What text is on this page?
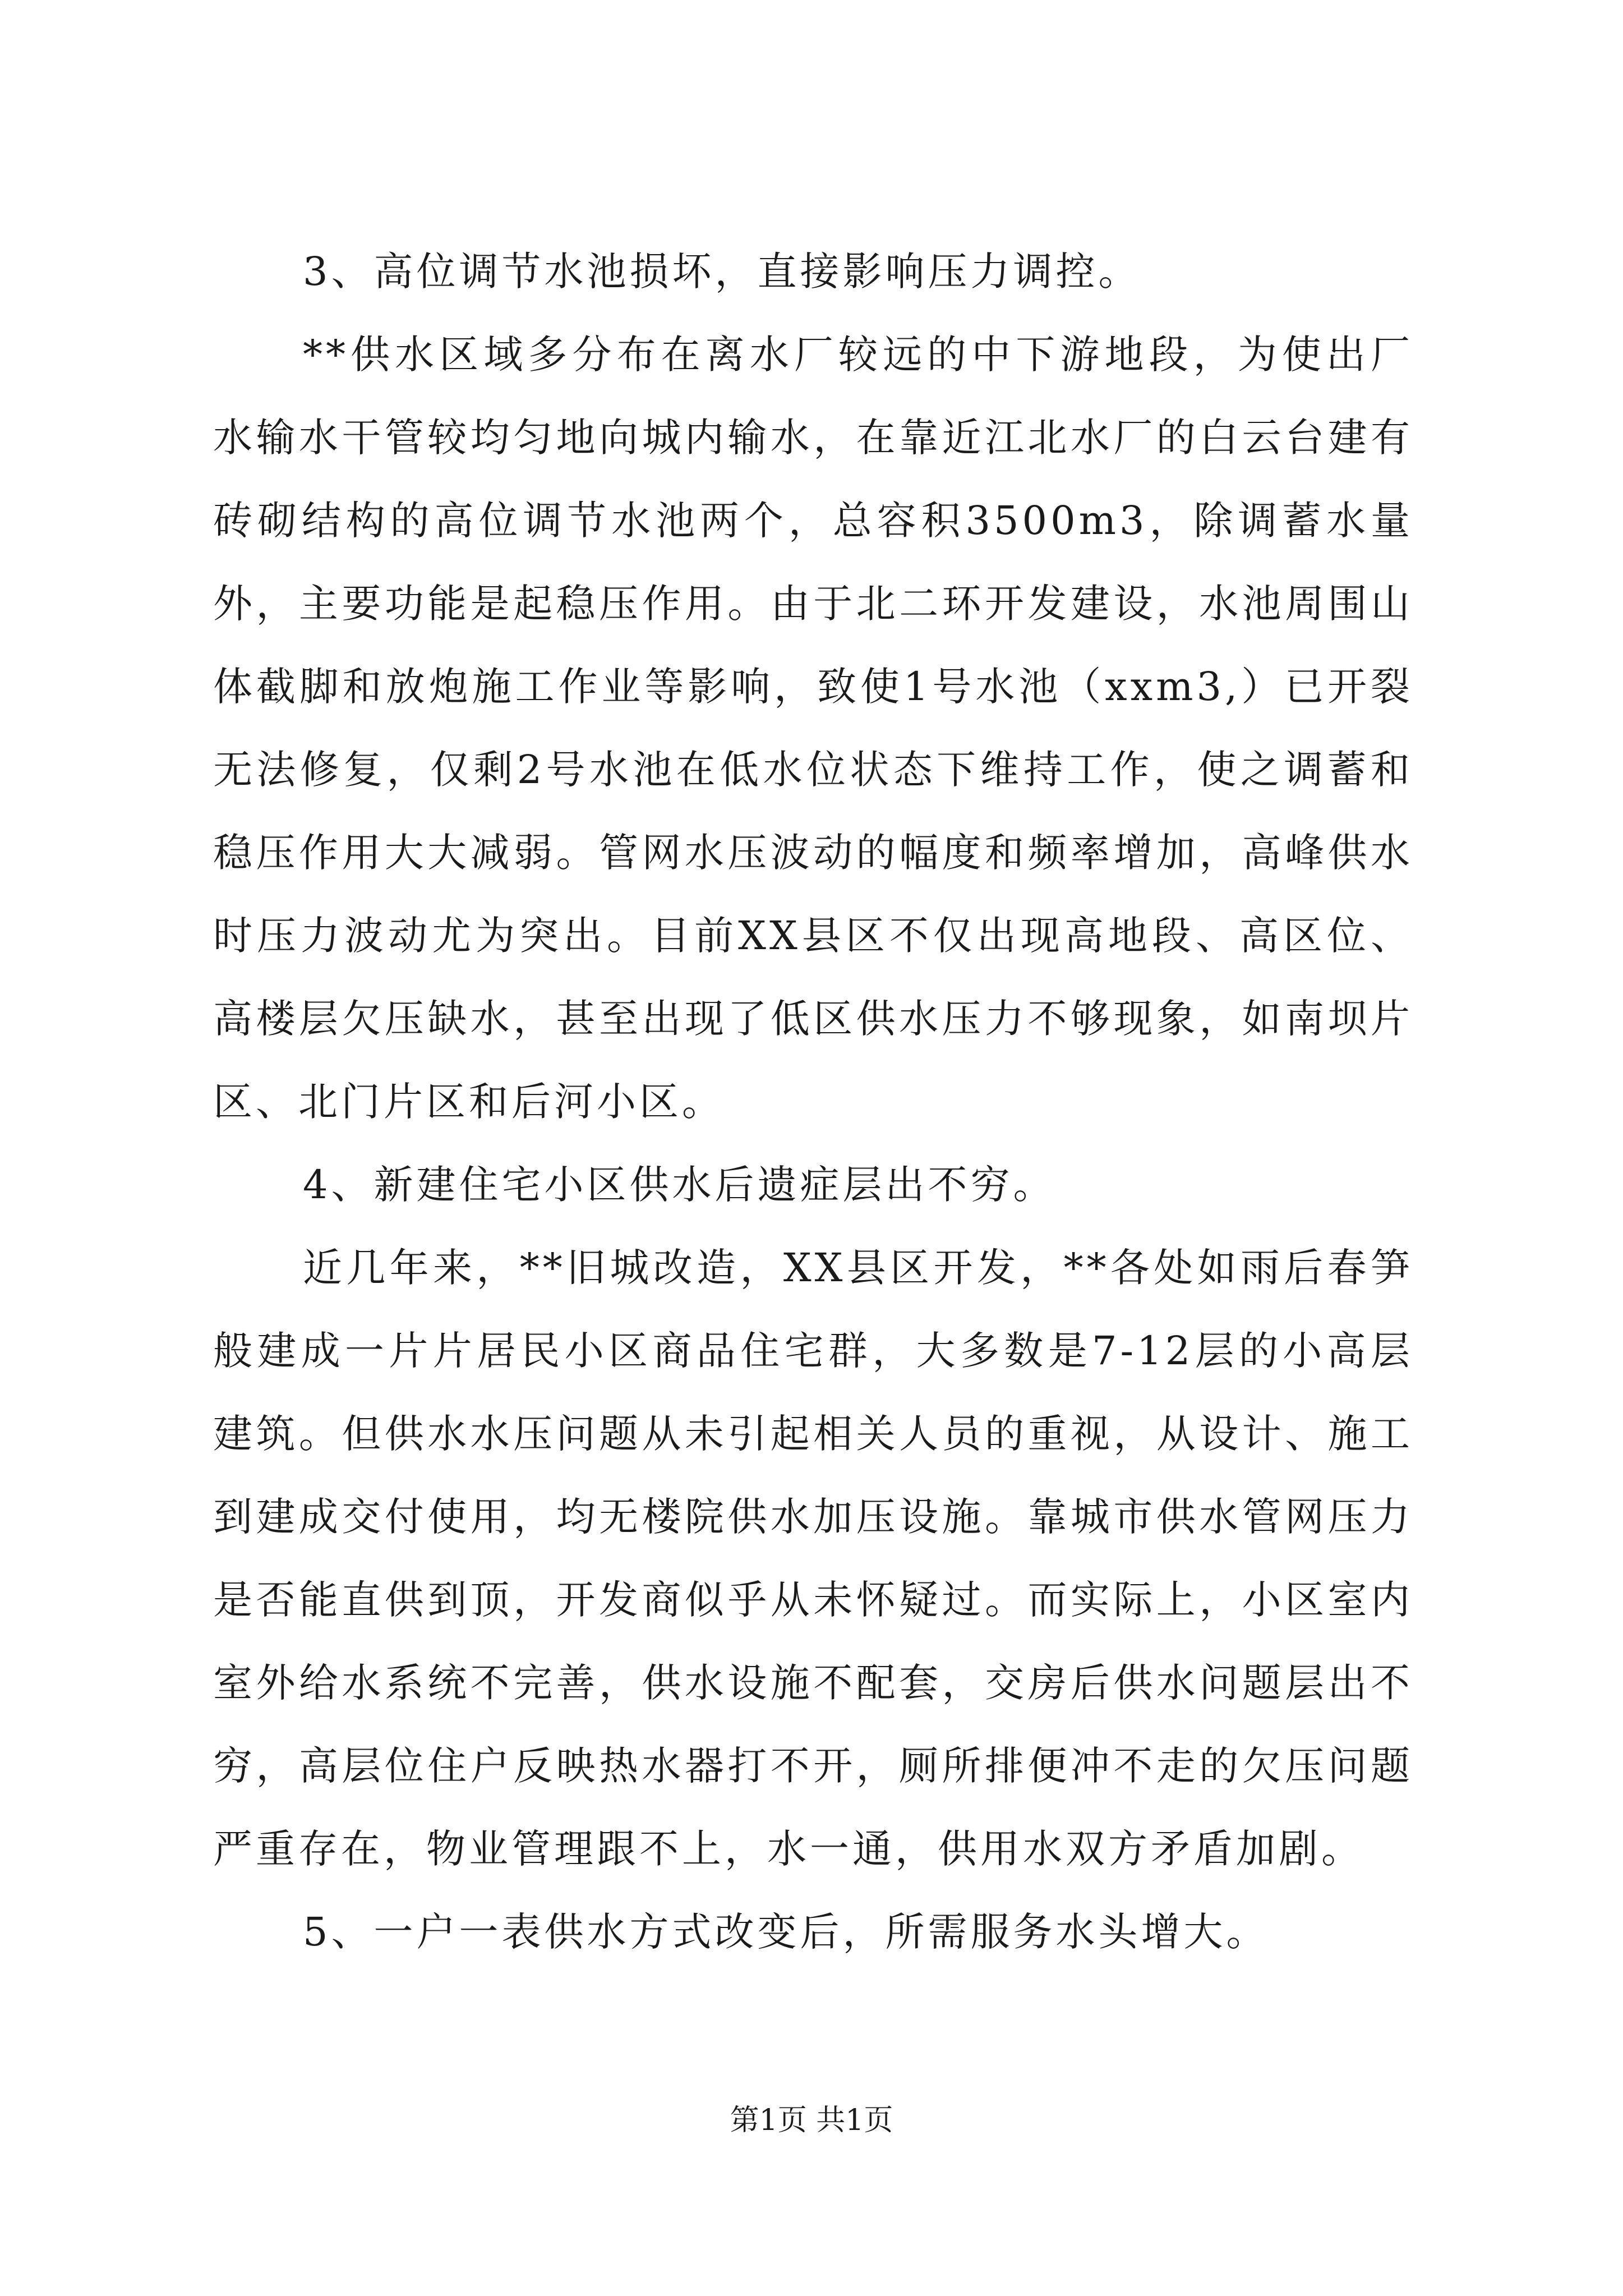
3、高位调节水池损坏，直接影响压力调控。

**供水区域多分布在离水厂较远的中下游地段，为使出厂水输水干管较均匀地向城内输水，在靠近江北水厂的白云台建有砖砌结构的高位调节水池两个，总容积3500m3，除调蓄水量外，主要功能是起稳压作用。由于北二环开发建设，水池周围山体截脚和放炮施工作业等影响，致使1号水池（xxm3,）已开裂无法修复，仅剩2号水池在低水位状态下维持工作，使之调蓄和稳压作用大大减弱。管网水压波动的幅度和频率增加，高峰供水时压力波动尤为突出。目前XX县区不仅出现高地段、高区位、高楼层欠压缺水，甚至出现了低区供水压力不够现象，如南坝片区、北门片区和后河小区。

4、新建住宅小区供水后遗症层出不穷。

近几年来，**旧城改造，XX县区开发，**各处如雨后春笋般建成一片片居民小区商品住宅群，大多数是7-12层的小高层建筑。但供水水压问题从未引起相关人员的重视，从设计、施工到建成交付使用，均无楼院供水加压设施。靠城市供水管网压力是否能直供到顶，开发商似乎从未怀疑过。而实际上，小区室内室外给水系统不完善，供水设施不配套，交房后供水问题层出不穷，高层位住户反映热水器打不开，厕所排便冲不走的欠压问题严重存在，物业管理跟不上，水一通，供用水双方矛盾加剧。

5、一户一表供水方式改变后，所需服务水头增大。

第1页 共1页
